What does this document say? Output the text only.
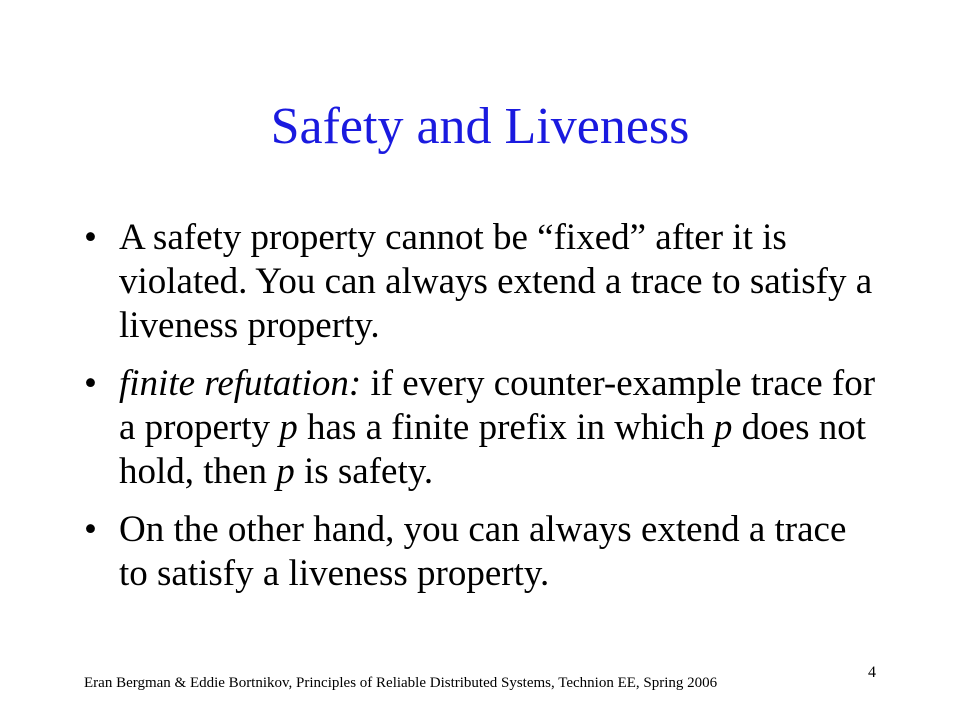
Safety and Liveness
• A safety property cannot be “fixed” after it is violated. You can always extend a trace to satisfy a liveness property.
• finite refutation: if every counter-example trace for a property p has a finite prefix in which p does not hold, then p is safety.
• On the other hand, you can always extend a trace to satisfy a liveness property.
Eran Bergman & Eddie Bortnikov, Principles of Reliable Distributed Systems, Technion EE, Spring 2006
4
